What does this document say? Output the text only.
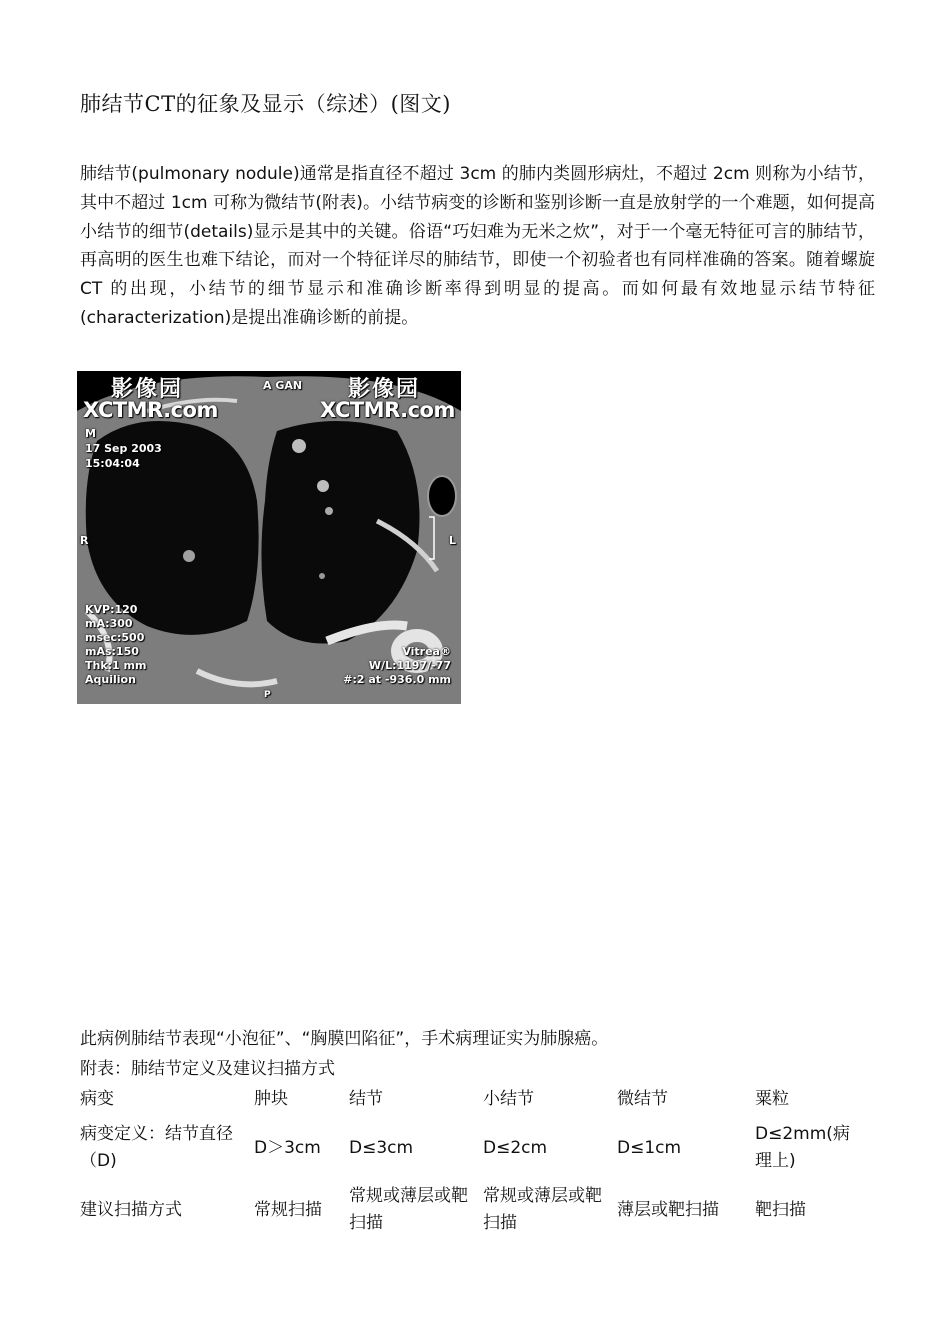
肺结节CT的征象及显示（综述）(图文)

肺结节(pulmonary nodule)通常是指直径不超过 3cm 的肺内类圆形病灶，不超过 2cm 则称为小结节，其中不超过 1cm 可称为微结节(附表)。小结节病变的诊断和鉴别诊断一直是放射学的一个难题，如何提高小结节的细节(details)显示是其中的关键。俗语“巧妇难为无米之炊”，对于一个毫无特征可言的肺结节，再高明的医生也难下结论，而对一个特征详尽的肺结节，即使一个初验者也有同样准确的答案。随着螺旋 CT 的出现，小结节的细节显示和准确诊断率得到明显的提高。而如何最有效地显示结节特征(characterization)是提出准确诊断的前提。

影像园	影像园
XCTMR.com	XCTMR.com
A GAN
M
17 Sep 2003
15:04:04
R	L
P
KVP:120
mA:300
msec:500
mAs:150
Thk:1 mm
Aquilion
Vitrea®
W/L:1197/-77
#:2 at -936.0 mm
此病例肺结节表现“小泡征”、“胸膜凹陷征”，手术病理证实为肺腺癌。
附表：肺结节定义及建议扫描方式
病变	肿块	结节	小结节	微结节	粟粒
病变定义：结节直径（D)	D＞3cm	D≤3cm	D≤2cm	D≤1cm	D≤2mm(病理上)
建议扫描方式	常规扫描	常规或薄层或靶扫描	常规或薄层或靶扫描	薄层或靶扫描	靶扫描
